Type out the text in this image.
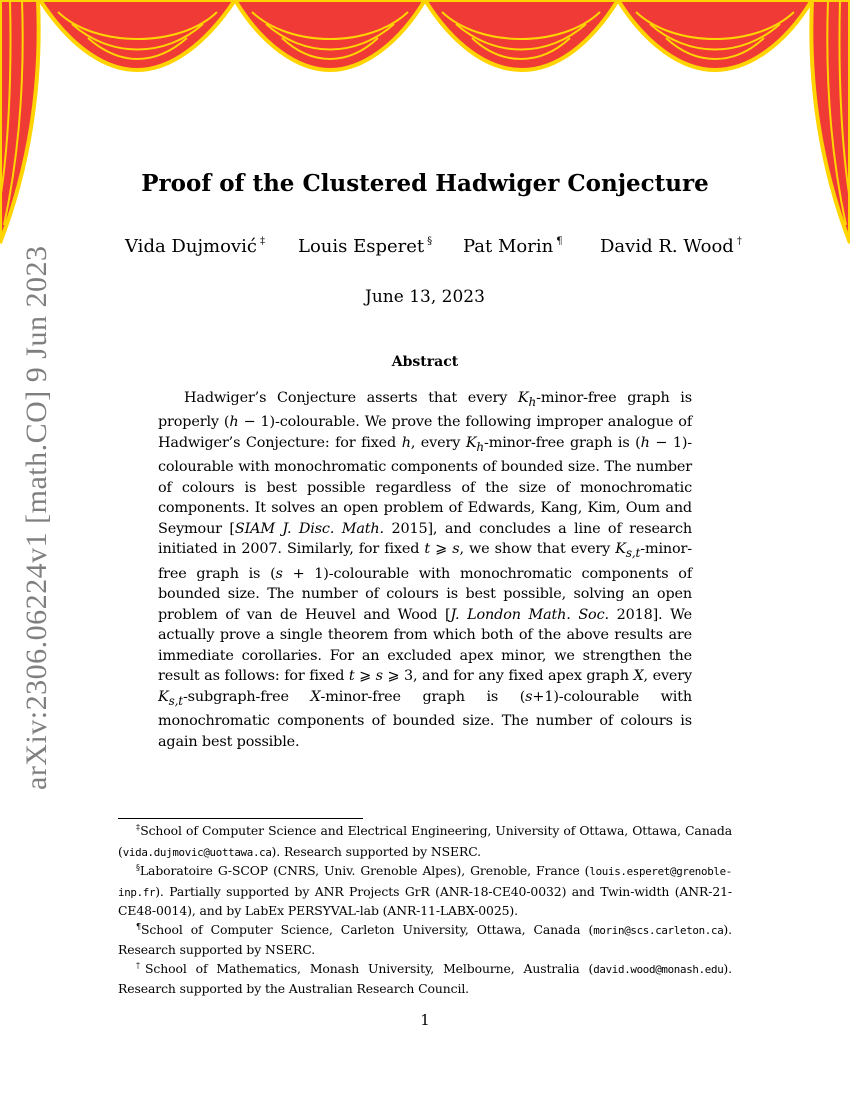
arXiv:2306.06224v1 [math.CO] 9 Jun 2023
Proof of the Clustered Hadwiger Conjecture
Vida Dujmović ‡ Louis Esperet § Pat Morin ¶ David R. Wood †
June 13, 2023
Abstract

Hadwiger’s Conjecture asserts that every $K_h-minor$-free graph is properly (h − 1)-colourable. We prove the following improper analogue of Hadwiger’s Conjecture: for fixed h, every $K_h-minor$-free graph is (h − 1)-colourable with monochromatic components of bounded size. The number of colours is best possible regardless of the size of monochromatic components. It solves an open problem of Edwards, Kang, Kim, Oum and Seymour [SIAM J. Disc. Math. 2015], and concludes a line of research initiated in 2007. Similarly, for fixed t ⩾ s, we show that every $K_{s,t}-minor$-free graph is (s + 1)-colourable with monochromatic components of bounded size. The number of colours is best possible, solving an open problem of van de Heuvel and Wood [J. London Math. Soc. 2018]. We actually prove a single theorem from which both of the above results are immediate corollaries. For an excluded apex minor, we strengthen the result as follows: for fixed t ⩾ s ⩾ 3, and for any fixed apex graph X, every $K_{s,t}-subgraph$-free X-minor-free graph is (s+1)-colourable with monochromatic components of bounded size. The number of colours is again best possible.

‡School of Computer Science and Electrical Engineering, University of Ottawa, Ottawa, Canada (vida.dujmovic@uottawa.ca). Research supported by NSERC.

§Laboratoire G-SCOP (CNRS, Univ. Grenoble Alpes), Grenoble, France (louis.esperet@grenoble-inp.fr). Partially supported by ANR Projects GrR (ANR-18-CE40-0032) and Twin-width (ANR-21-CE48-0014), and by LabEx PERSYVAL-lab (ANR-11-LABX-0025).

¶School of Computer Science, Carleton University, Ottawa, Canada (morin@scs.carleton.ca). Research supported by NSERC.

†School of Mathematics, Monash University, Melbourne, Australia (david.wood@monash.edu). Research supported by the Australian Research Council.

1
